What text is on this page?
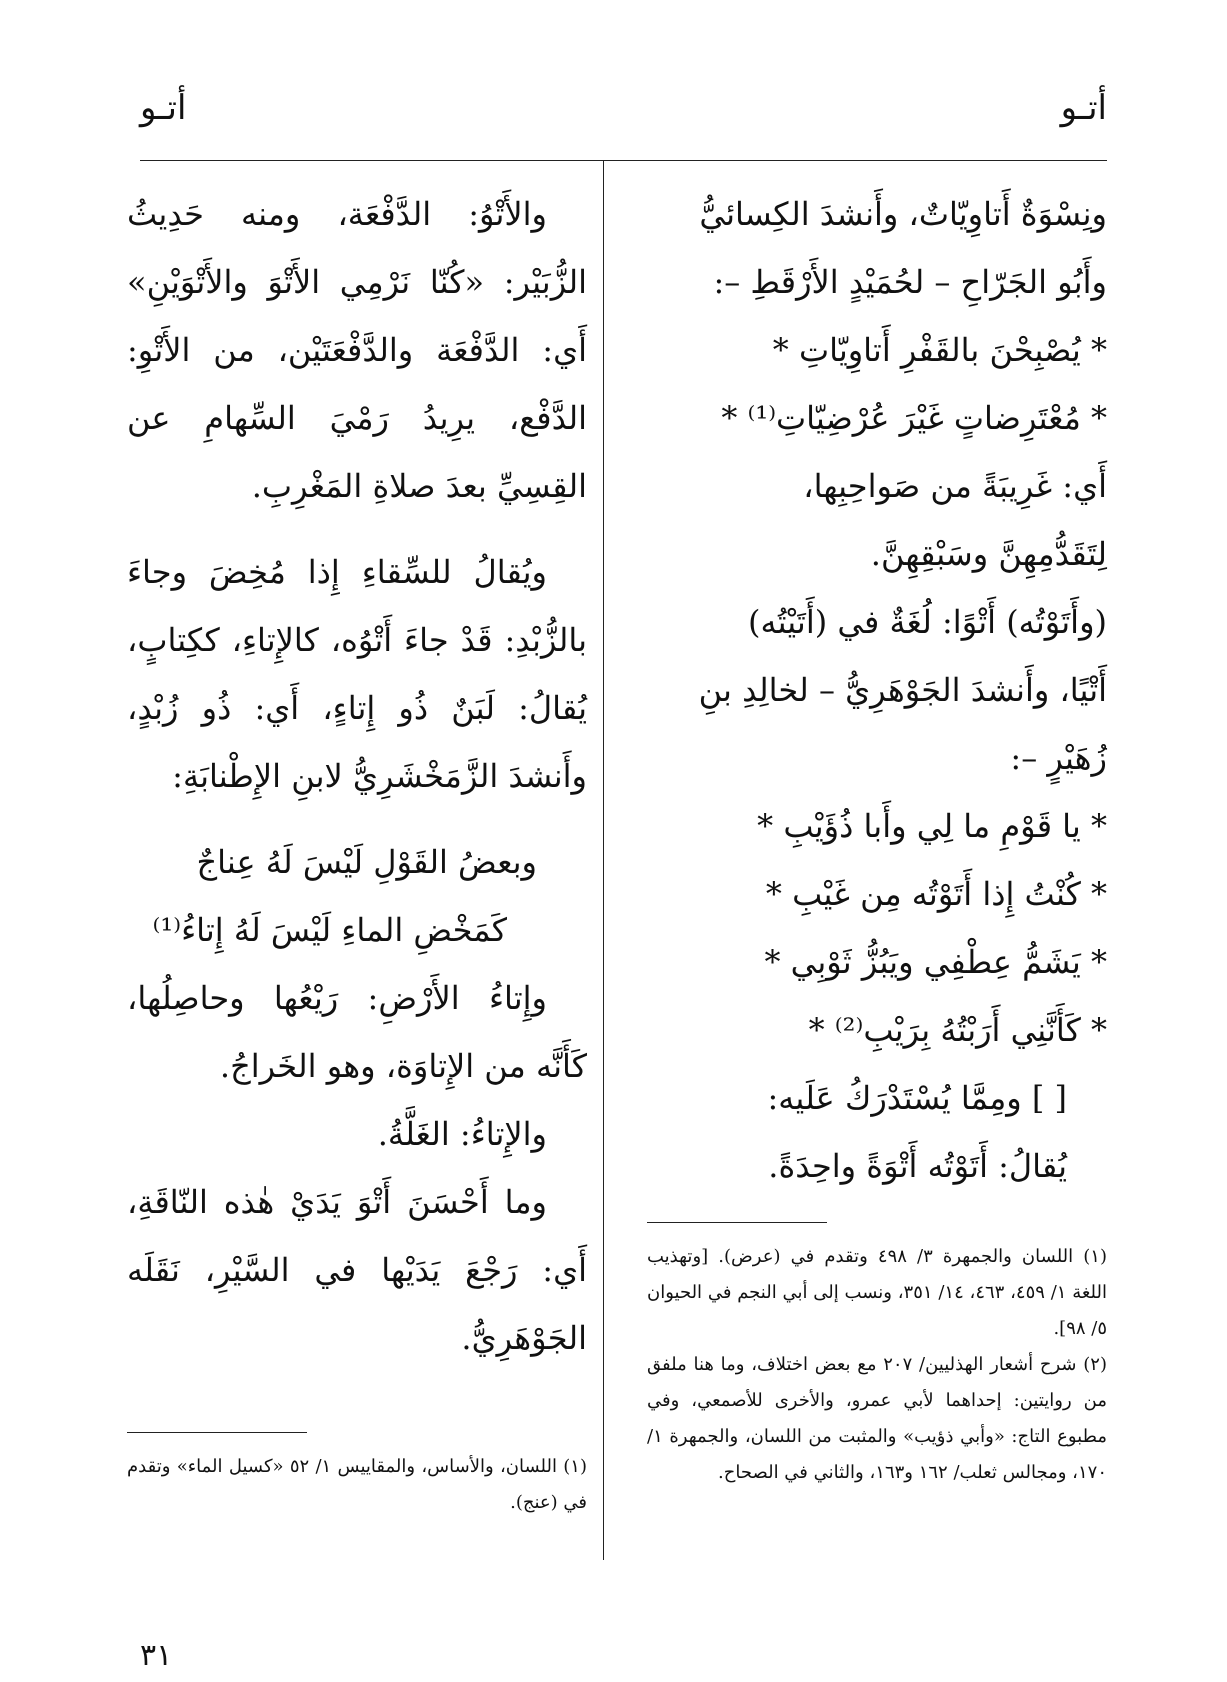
أتـو
أتـو

ونِسْوَةٌ أَتاوِيّاتٌ، وأَنشدَ الكِسائيُّ

وأَبُو الجَرّاحِ – لحُمَيْدٍ الأَرْقَطِ –:

* يُصْبِحْنَ بالقَفْرِ أَتاوِيّاتِ *

* مُعْتَرِضاتٍ غَيْرَ عُرْضِيّاتِ⁽¹⁾ *

أَي: غَرِيبَةً من صَواحِبِها،

لِتَقَدُّمِهِنَّ وسَبْقِهِنَّ.

(وأَتَوْتُه) أَتْوًا: لُغَةٌ في (أَتَيْتُه)

أَتْيًا، وأَنشدَ الجَوْهَرِيُّ – لخالِدِ بنِ

زُهَيْرٍ –:

* يا قَوْمِ ما لِي وأَبا ذُؤَيْبِ *

* كُنْتُ إِذا أَتَوْتُه مِن غَيْبِ *

* يَشَمُّ عِطْفِي ويَبُزُّ ثَوْبِي *

* كَأَنَّنِي أَرَبْتُهُ بِرَيْبِ⁽²⁾ *

[ ] ومِمَّا يُسْتَدْرَكُ عَلَيه:

يُقالُ: أَتَوْتُه أَتْوَةً واحِدَةً.

(١) اللسان والجمهرة ٣/ ٤٩٨ وتقدم في (عرض). [وتهذيب اللغة ١/ ٤٥٩، ٤٦٣، ١٤/ ٣٥١، ونسب إلى أبي النجم في الحيوان ٥/ ٩٨].

(٢) شرح أشعار الهذليين/ ٢٠٧ مع بعض اختلاف، وما هنا ملفق من روايتين: إحداهما لأبي عمرو، والأخرى للأصمعي، وفي مطبوع التاج: «وأبي ذؤيب» والمثبت من اللسان، والجمهرة ١/ ١٧٠، ومجالس ثعلب/ ١٦٢ و١٦٣، والثاني في الصحاح.

والأَتْوُ: الدَّفْعَة، ومنه حَدِيثُ الزُّبَيْر: «كُنّا نَرْمِي الأَتْوَ والأَتْوَيْنِ» أَي: الدَّفْعَة والدَّفْعَتَيْن، من الأَتْوِ: الدَّفْع، يرِيدُ رَمْيَ السِّهامِ عن القِسِيِّ بعدَ صلاةِ المَغْرِبِ.

ويُقالُ للسِّقاءِ إِذا مُخِضَ وجاءَ بالزُّبْدِ: قَدْ جاءَ أَتْوُه، كالإِتاءِ، ككِتابٍ، يُقالُ: لَبَنٌ ذُو إِتاءٍ، أَي: ذُو زُبْدٍ، وأَنشدَ الزَّمَخْشَرِيُّ لابنِ الإِطْنابَةِ:

وبعضُ القَوْلِ لَيْسَ لَهُ عِناجٌ

كَمَخْضِ الماءِ لَيْسَ لَهُ إِتاءُ⁽¹⁾

وإِتاءُ الأَرْضِ: رَيْعُها وحاصِلُها، كَأَنَّه من الإِتاوَة، وهو الخَراجُ.

والإِتاءُ: الغَلَّةُ.

وما أَحْسَنَ أَتْوَ يَدَيْ هٰذه النّاقَةِ، أَي: رَجْعَ يَدَيْها في السَّيْرِ، نَقَلَه الجَوْهَرِيُّ.

(١) اللسان، والأساس، والمقاييس ١/ ٥٢ «كسيل الماء» وتقدم في (عنج).

٣١
